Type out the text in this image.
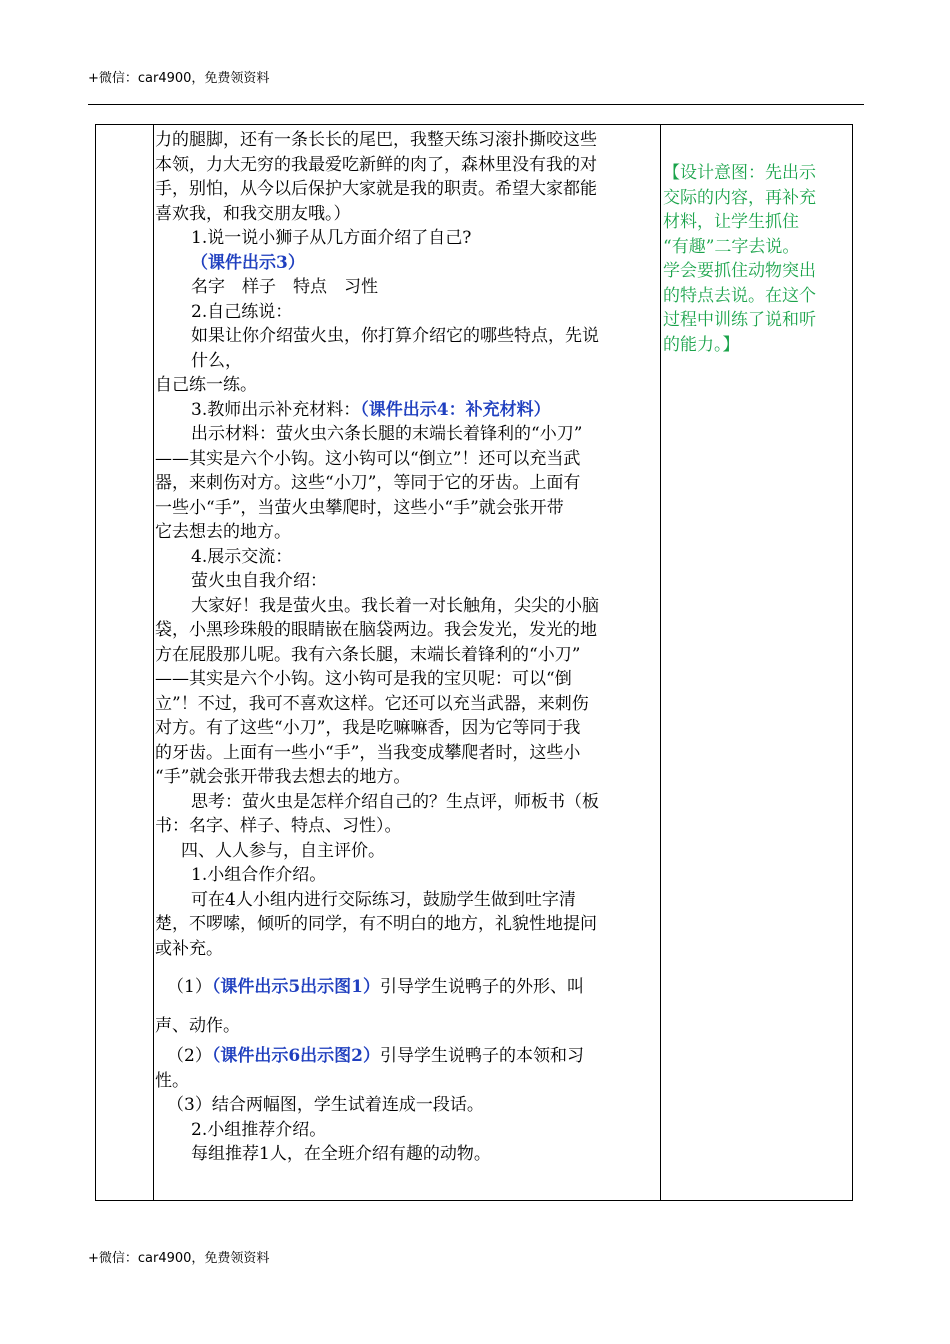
+微信：car4900，免费领资料

力的腿脚，还有一条长长的尾巴，我整天练习滚扑撕咬这些

本领，力大无穷的我最爱吃新鲜的肉了，森林里没有我的对

手，别怕，从今以后保护大家就是我的职责。希望大家都能

喜欢我，和我交朋友哦。）

1.说一说小狮子从几方面介绍了自己?

（课件出示3）

名字　样子　特点　习性

2.自己练说：

如果让你介绍萤火虫，你打算介绍它的哪些特点，先说

什么，

自己练一练。

3.教师出示补充材料：（课件出示4：补充材料）

出示材料：萤火虫六条长腿的末端长着锋利的“小刀”

——其实是六个小钩。这小钩可以“倒立”！还可以充当武

器，来刺伤对方。这些“小刀”，等同于它的牙齿。上面有

一些小“手”，当萤火虫攀爬时，这些小“手”就会张开带

它去想去的地方。

4.展示交流：

萤火虫自我介绍：

大家好！我是萤火虫。我长着一对长触角，尖尖的小脑

袋，小黑珍珠般的眼睛嵌在脑袋两边。我会发光，发光的地

方在屁股那儿呢。我有六条长腿，末端长着锋利的“小刀”

——其实是六个小钩。这小钩可是我的宝贝呢：可以“倒

立”！不过，我可不喜欢这样。它还可以充当武器，来刺伤

对方。有了这些“小刀”，我是吃嘛嘛香，因为它等同于我

的牙齿。上面有一些小“手”，当我变成攀爬者时，这些小

“手”就会张开带我去想去的地方。

思考：萤火虫是怎样介绍自己的？生点评，师板书（板

书：名字、样子、特点、习性）。

四、人人参与，自主评价。

1.小组合作介绍。

可在4人小组内进行交际练习，鼓励学生做到吐字清

楚，不啰嗦，倾听的同学，有不明白的地方，礼貌性地提问

或补充。

（1）（课件出示5出示图1）引导学生说鸭子的外形、叫

声、动作。

（2）（课件出示6出示图2）引导学生说鸭子的本领和习

性。

（3）结合两幅图，学生试着连成一段话。

2.小组推荐介绍。

每组推荐1人，在全班介绍有趣的动物。

【设计意图：先出示

交际的内容，再补充

材料，让学生抓住

“有趣”二字去说。

学会要抓住动物突出

的特点去说。在这个

过程中训练了说和听

的能力。】

+微信：car4900，免费领资料
